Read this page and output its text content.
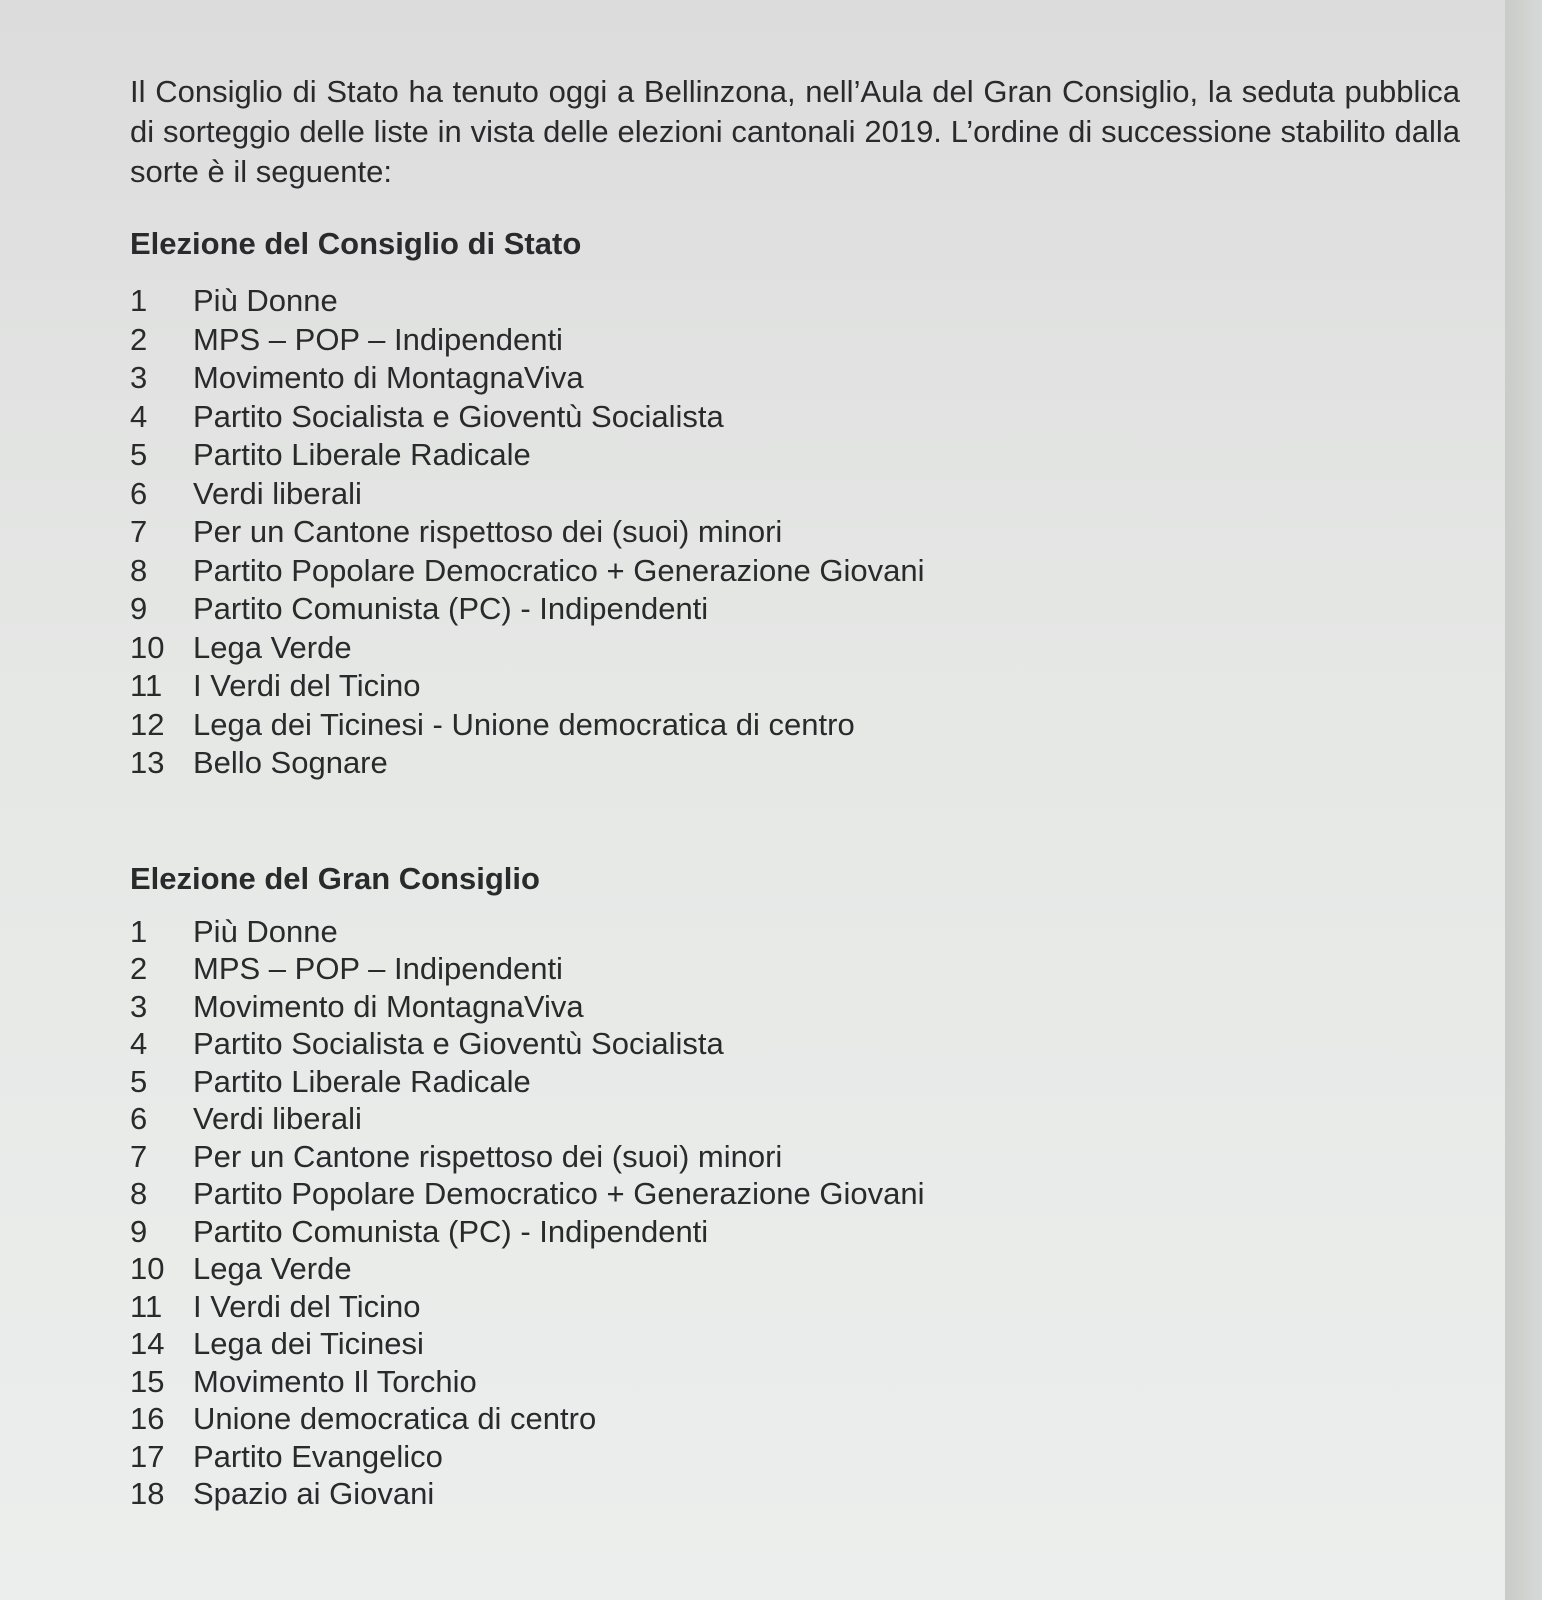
Il Consiglio di Stato ha tenuto oggi a Bellinzona, nell’Aula del Gran Consiglio, la seduta pubblica di sorteggio delle liste in vista delle elezioni cantonali 2019. L’ordine di successione stabilito dalla sorte è il seguente:

Elezione del Consiglio di Stato
1	Più Donne
2	MPS – POP – Indipendenti
3	Movimento di MontagnaViva
4	Partito Socialista e Gioventù Socialista
5	Partito Liberale Radicale
6	Verdi liberali
7	Per un Cantone rispettoso dei (suoi) minori
8	Partito Popolare Democratico + Generazione Giovani
9	Partito Comunista (PC) - Indipendenti
10 Lega Verde
11 I Verdi del Ticino
12 Lega dei Ticinesi - Unione democratica di centro
13 Bello Sognare
Elezione del Gran Consiglio
1	Più Donne
2	MPS – POP – Indipendenti
3	Movimento di MontagnaViva
4	Partito Socialista e Gioventù Socialista
5	Partito Liberale Radicale
6	Verdi liberali
7	Per un Cantone rispettoso dei (suoi) minori
8	Partito Popolare Democratico + Generazione Giovani
9	Partito Comunista (PC) - Indipendenti
10 Lega Verde
11 I Verdi del Ticino
14 Lega dei Ticinesi
15 Movimento Il Torchio
16 Unione democratica di centro
17 Partito Evangelico
18 Spazio ai Giovani
